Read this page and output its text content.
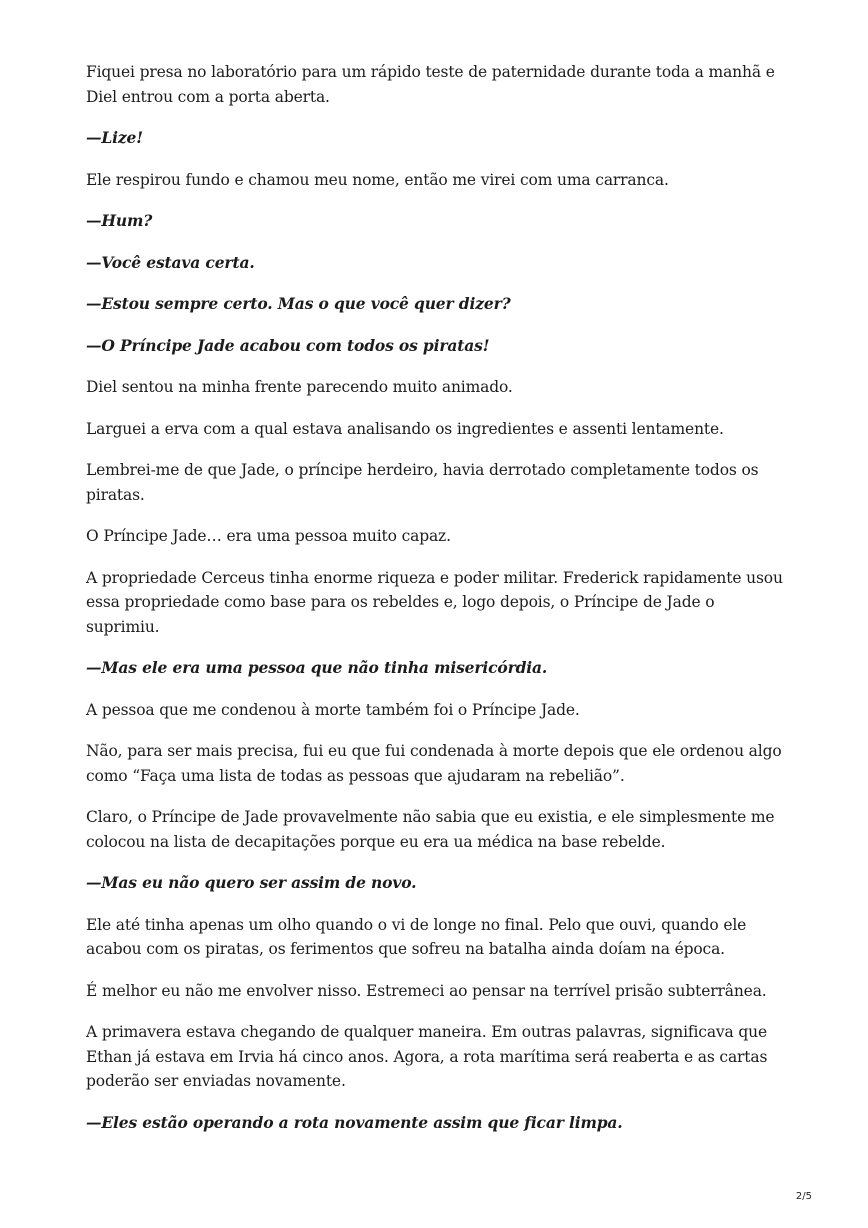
Fiquei presa no laboratório para um rápido teste de paternidade durante toda a manhã e Diel entrou com a porta aberta.

—Lize!

Ele respirou fundo e chamou meu nome, então me virei com uma carranca.

—Hum?

—Você estava certa.

—Estou sempre certo. Mas o que você quer dizer?

—O Príncipe Jade acabou com todos os piratas!

Diel sentou na minha frente parecendo muito animado.

Larguei a erva com a qual estava analisando os ingredientes e assenti lentamente.

Lembrei-me de que Jade, o príncipe herdeiro, havia derrotado completamente todos os piratas.

O Príncipe Jade… era uma pessoa muito capaz.

A propriedade Cerceus tinha enorme riqueza e poder militar. Frederick rapidamente usou essa propriedade como base para os rebeldes e, logo depois, o Príncipe de Jade o suprimiu.

—Mas ele era uma pessoa que não tinha misericórdia.

A pessoa que me condenou à morte também foi o Príncipe Jade.

Não, para ser mais precisa, fui eu que fui condenada à morte depois que ele ordenou algo como “Faça uma lista de todas as pessoas que ajudaram na rebelião”.

Claro, o Príncipe de Jade provavelmente não sabia que eu existia, e ele simplesmente me colocou na lista de decapitações porque eu era ua médica na base rebelde.

—Mas eu não quero ser assim de novo.

Ele até tinha apenas um olho quando o vi de longe no final. Pelo que ouvi, quando ele acabou com os piratas, os ferimentos que sofreu na batalha ainda doíam na época.

É melhor eu não me envolver nisso. Estremeci ao pensar na terrível prisão subterrânea.

A primavera estava chegando de qualquer maneira. Em outras palavras, significava que Ethan já estava em Irvia há cinco anos. Agora, a rota marítima será reaberta e as cartas poderão ser enviadas novamente.

—Eles estão operando a rota novamente assim que ficar limpa.

2/5
